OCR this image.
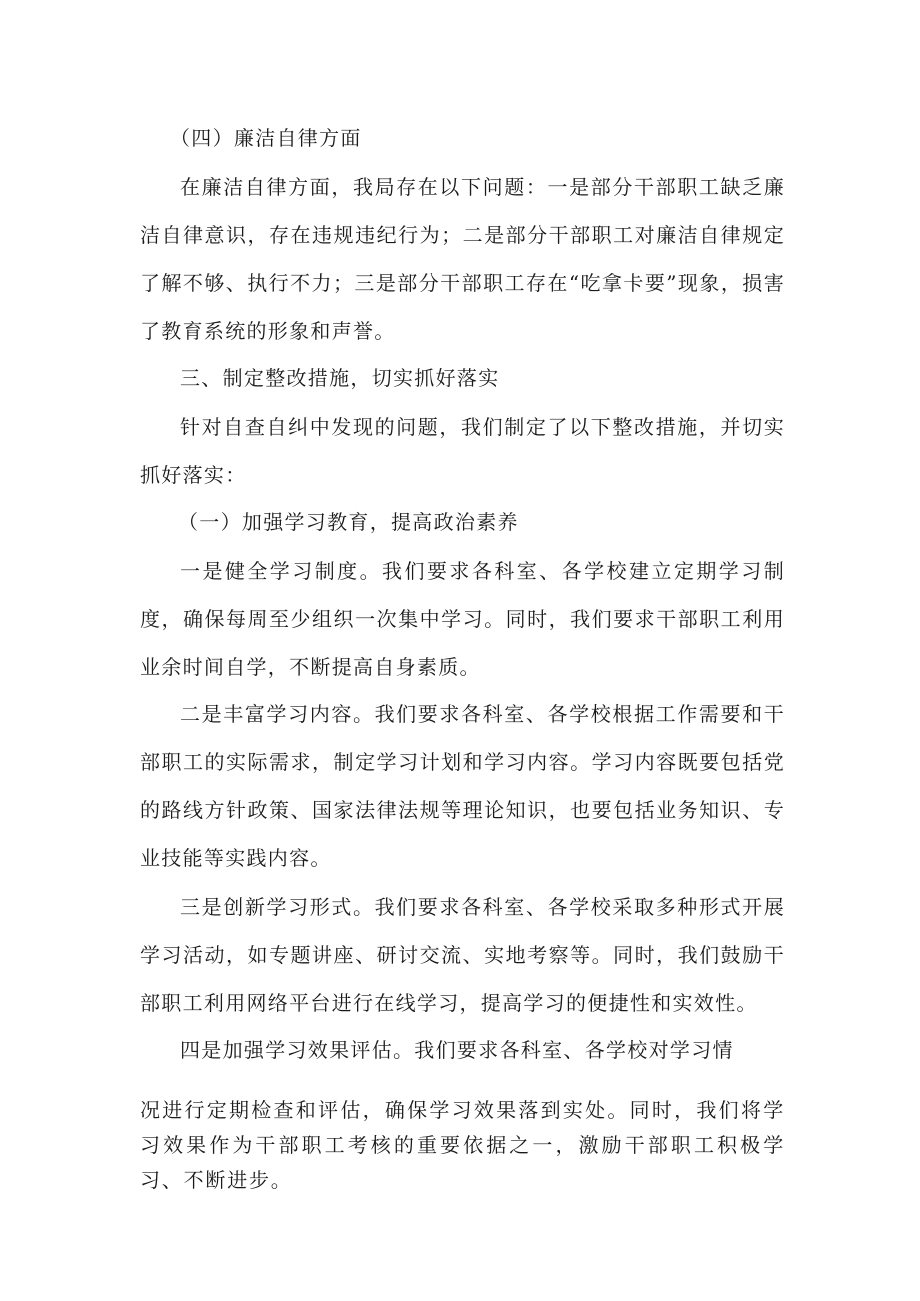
（四）廉洁自律方面

在廉洁自律方面，我局存在以下问题：一是部分干部职工缺乏廉洁自律意识，存在违规违纪行为；二是部分干部职工对廉洁自律规定了解不够、执行不力；三是部分干部职工存在“吃拿卡要”现象，损害了教育系统的形象和声誉。

三、制定整改措施，切实抓好落实

针对自查自纠中发现的问题，我们制定了以下整改措施，并切实抓好落实：

（一）加强学习教育，提高政治素养

一是健全学习制度。我们要求各科室、各学校建立定期学习制度，确保每周至少组织一次集中学习。同时，我们要求干部职工利用业余时间自学，不断提高自身素质。

二是丰富学习内容。我们要求各科室、各学校根据工作需要和干部职工的实际需求，制定学习计划和学习内容。学习内容既要包括党的路线方针政策、国家法律法规等理论知识，也要包括业务知识、专业技能等实践内容。

三是创新学习形式。我们要求各科室、各学校采取多种形式开展学习活动，如专题讲座、研讨交流、实地考察等。同时，我们鼓励干部职工利用网络平台进行在线学习，提高学习的便捷性和实效性。

四是加强学习效果评估。我们要求各科室、各学校对学习情

况进行定期检查和评估，确保学习效果落到实处。同时，我们将学习效果作为干部职工考核的重要依据之一，激励干部职工积极学习、不断进步。
